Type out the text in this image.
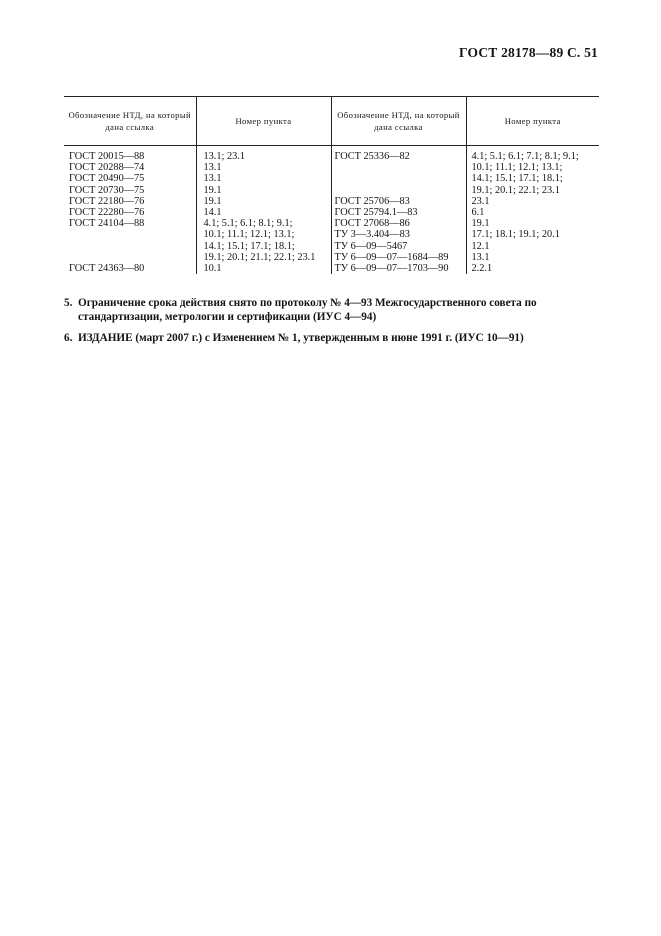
ГОСТ 28178—89 С. 51
Обозначение НТД, на который дана ссылка	Номер пункта	Обозначение НТД, на который дана ссылка	Номер пункта

ГОСТ 20015—88	13.1; 23.1	ГОСТ 25336—82	4.1; 5.1; 6.1; 7.1; 8.1; 9.1;
ГОСТ 20288—74	13.1		10.1; 11.1; 12.1; 13.1;
ГОСТ 20490—75	13.1		14.1; 15.1; 17.1; 18.1;
ГОСТ 20730—75	19.1		19.1; 20.1; 22.1; 23.1
ГОСТ 22180—76	19.1	ГОСТ 25706—83	23.1
ГОСТ 22280—76	14.1	ГОСТ 25794.1—83	6.1
ГОСТ 24104—88	4.1; 5.1; 6.1; 8.1; 9.1;	ГОСТ 27068—86	19.1
	10.1; 11.1; 12.1; 13.1;	ТУ 3—3.404—83	17.1; 18.1; 19.1; 20.1
	14.1; 15.1; 17.1; 18.1;	ТУ 6—09—5467	12.1
	19.1; 20.1; 21.1; 22.1; 23.1	ТУ 6—09—07—1684—89	13.1
ГОСТ 24363—80	10.1	ТУ 6—09—07—1703—90	2.2.1
5. Ограничение срока действия снято по протоколу № 4—93 Межгосударственного совета по стандартизации, метрологии и сертификации (ИУС 4—94)
6. ИЗДАНИЕ (март 2007 г.) с Изменением № 1, утвержденным в июне 1991 г. (ИУС 10—91)
